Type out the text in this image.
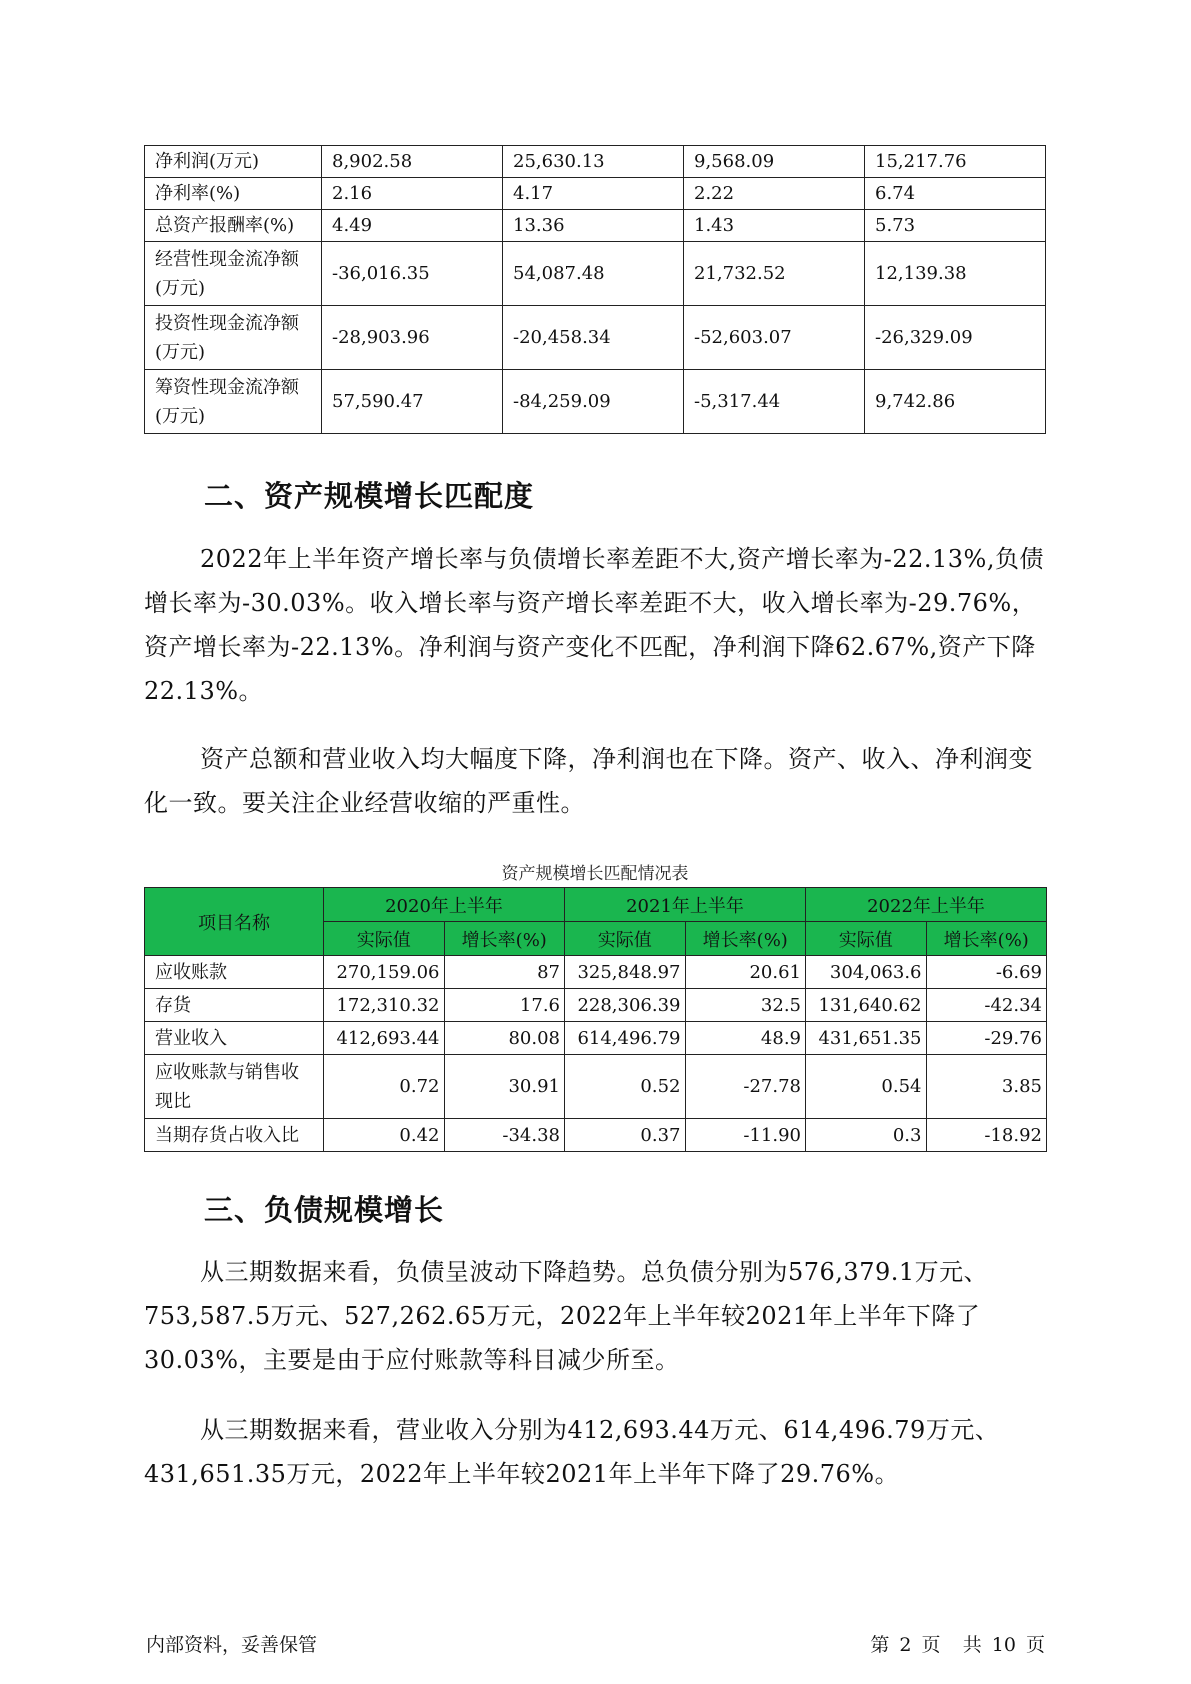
净利润(万元)	8,902.58	25,630.13	9,568.09	15,217.76
净利率(%)	2.16	4.17	2.22	6.74
总资产报酬率(%)	4.49	13.36	1.43	5.73
经营性现金流净额
(万元)	-36,016.35	54,087.48	21,732.52	12,139.38
投资性现金流净额
(万元)	-28,903.96	-20,458.34	-52,603.07	-26,329.09
筹资性现金流净额
(万元)	57,590.47	-84,259.09	-5,317.44	9,742.86
二、资产规模增长匹配度

2022年上半年资产增长率与负债增长率差距不大,资产增长率为-22.13%,负债增长率为-30.03%。收入增长率与资产增长率差距不大，收入增长率为-29.76%，资产增长率为-22.13%。净利润与资产变化不匹配，净利润下降62.67%,资产下降22.13%。

资产总额和营业收入均大幅度下降，净利润也在下降。资产、收入、净利润变化一致。要关注企业经营收缩的严重性。

资产规模增长匹配情况表
项目名称	2020年上半年		2021年上半年		2022年上半年	
	实际值	增长率(%)	实际值	增长率(%)	实际值	增长率(%)
应收账款	270,159.06	87	325,848.97	20.61	304,063.6	-6.69
存货	172,310.32	17.6	228,306.39	32.5	131,640.62	-42.34
营业收入	412,693.44	80.08	614,496.79	48.9	431,651.35	-29.76
应收账款与销售收
现比	0.72	30.91	0.52	-27.78	0.54	3.85
当期存货占收入比	0.42	-34.38	0.37	-11.90	0.3	-18.92
三、负债规模增长

从三期数据来看，负债呈波动下降趋势。总负债分别为576,379.1万元、753,587.5万元、527,262.65万元，2022年上半年较2021年上半年下降了30.03%，主要是由于应付账款等科目减少所至。

从三期数据来看，营业收入分别为412,693.44万元、614,496.79万元、431,651.35万元，2022年上半年较2021年上半年下降了29.76%。

内部资料，妥善保管	第 2 页 共 10 页
